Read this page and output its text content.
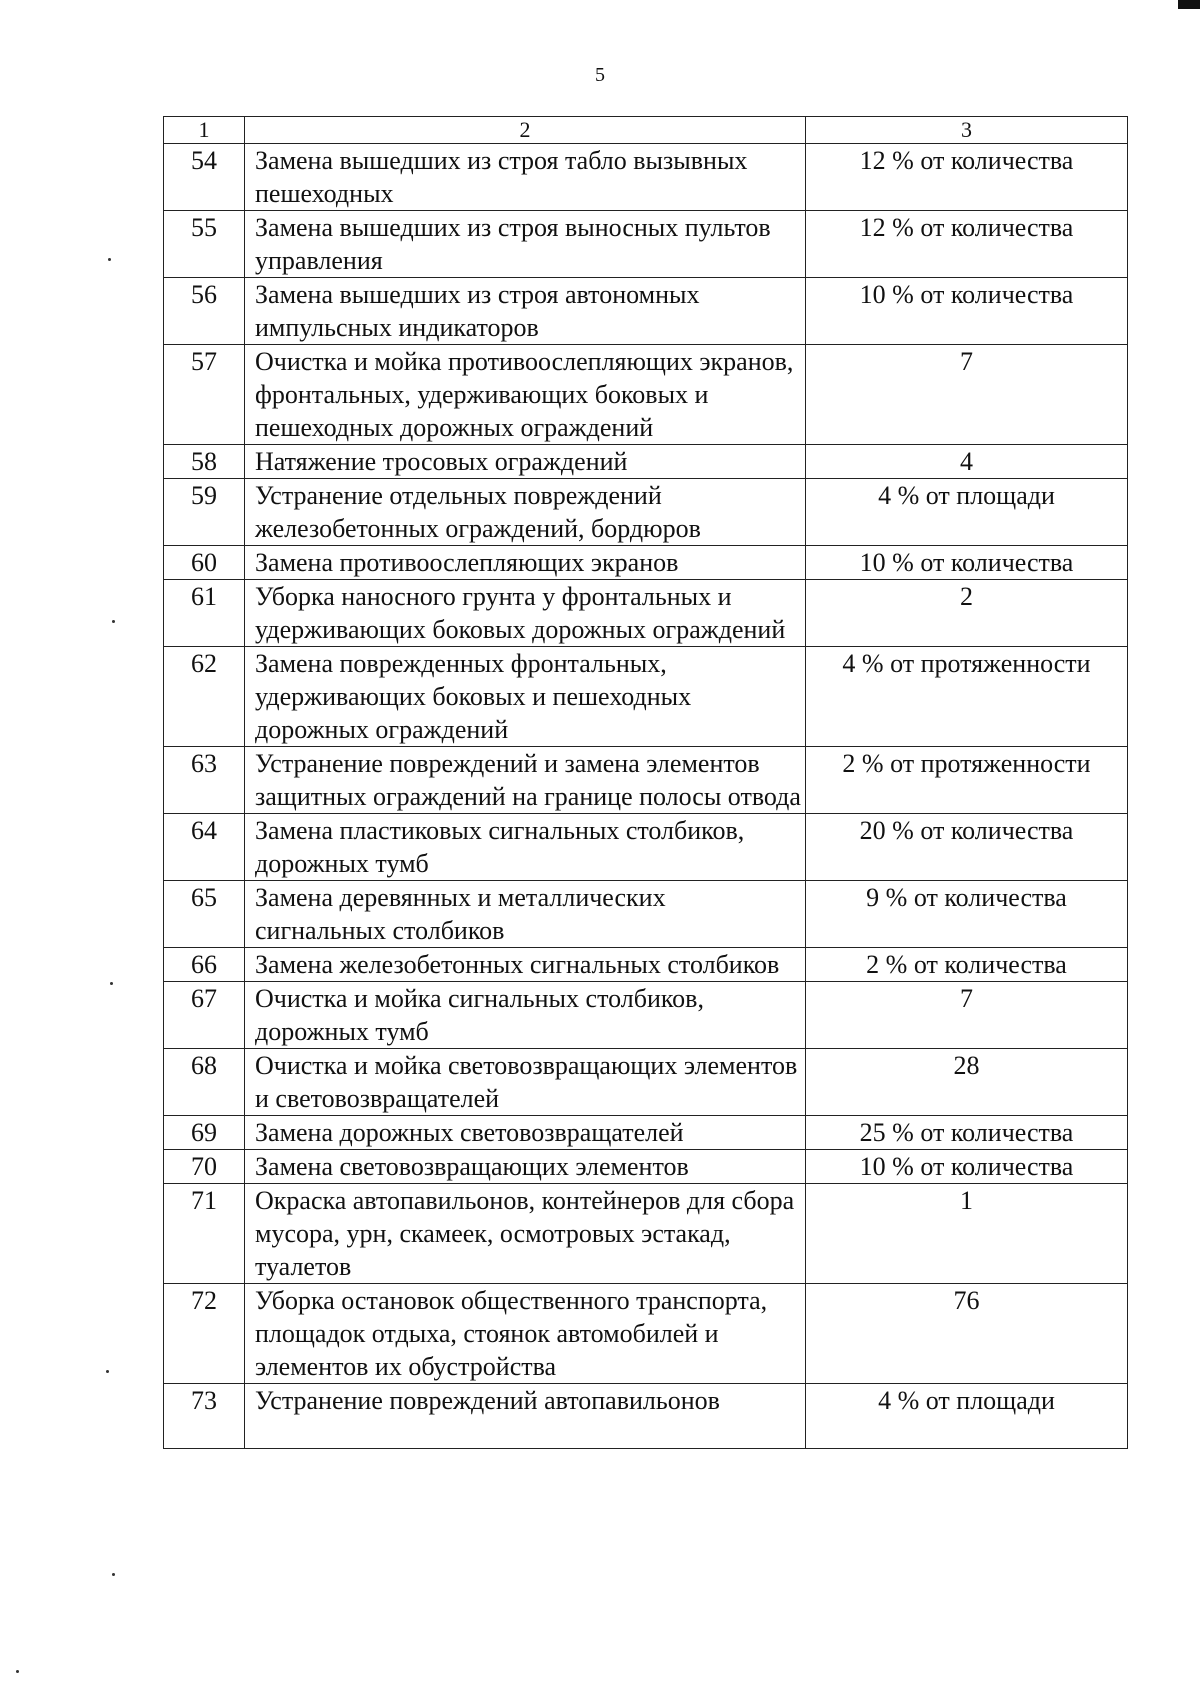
5
1	2	3
54	Замена вышедших из строя табло вызывных пешеходных	12 % от количества
55	Замена вышедших из строя выносных пультов управления	12 % от количества
56	Замена вышедших из строя автономных импульсных индикаторов	10 % от количества
57	Очистка и мойка противоослепляющих экранов, фронтальных, удерживающих боковых и пешеходных дорожных ограждений	7
58	Натяжение тросовых ограждений	4
59	Устранение отдельных повреждений железобетонных ограждений, бордюров	4 % от площади
60	Замена противоослепляющих экранов	10 % от количества
61	Уборка наносного грунта у фронтальных и удерживающих боковых дорожных ограждений	2
62	Замена поврежденных фронтальных, удерживающих боковых и пешеходных дорожных ограждений	4 % от протяженности
63	Устранение повреждений и замена элементов защитных ограждений на границе полосы отвода	2 % от протяженности
64	Замена пластиковых сигнальных столбиков, дорожных тумб	20 % от количества
65	Замена деревянных и металлических сигнальных столбиков	9 % от количества
66	Замена железобетонных сигнальных столбиков	2 % от количества
67	Очистка и мойка сигнальных столбиков, дорожных тумб	7
68	Очистка и мойка световозвращающих элементов и световозвращателей	28
69	Замена дорожных световозвращателей	25 % от количества
70	Замена световозвращающих элементов	10 % от количества
71	Окраска автопавильонов, контейнеров для сбора мусора, урн, скамеек, осмотровых эстакад, туалетов	1
72	Уборка остановок общественного транспорта, площадок отдыха, стоянок автомобилей и элементов их обустройства	76
73	Устранение повреждений автопавильонов	4 % от площади
